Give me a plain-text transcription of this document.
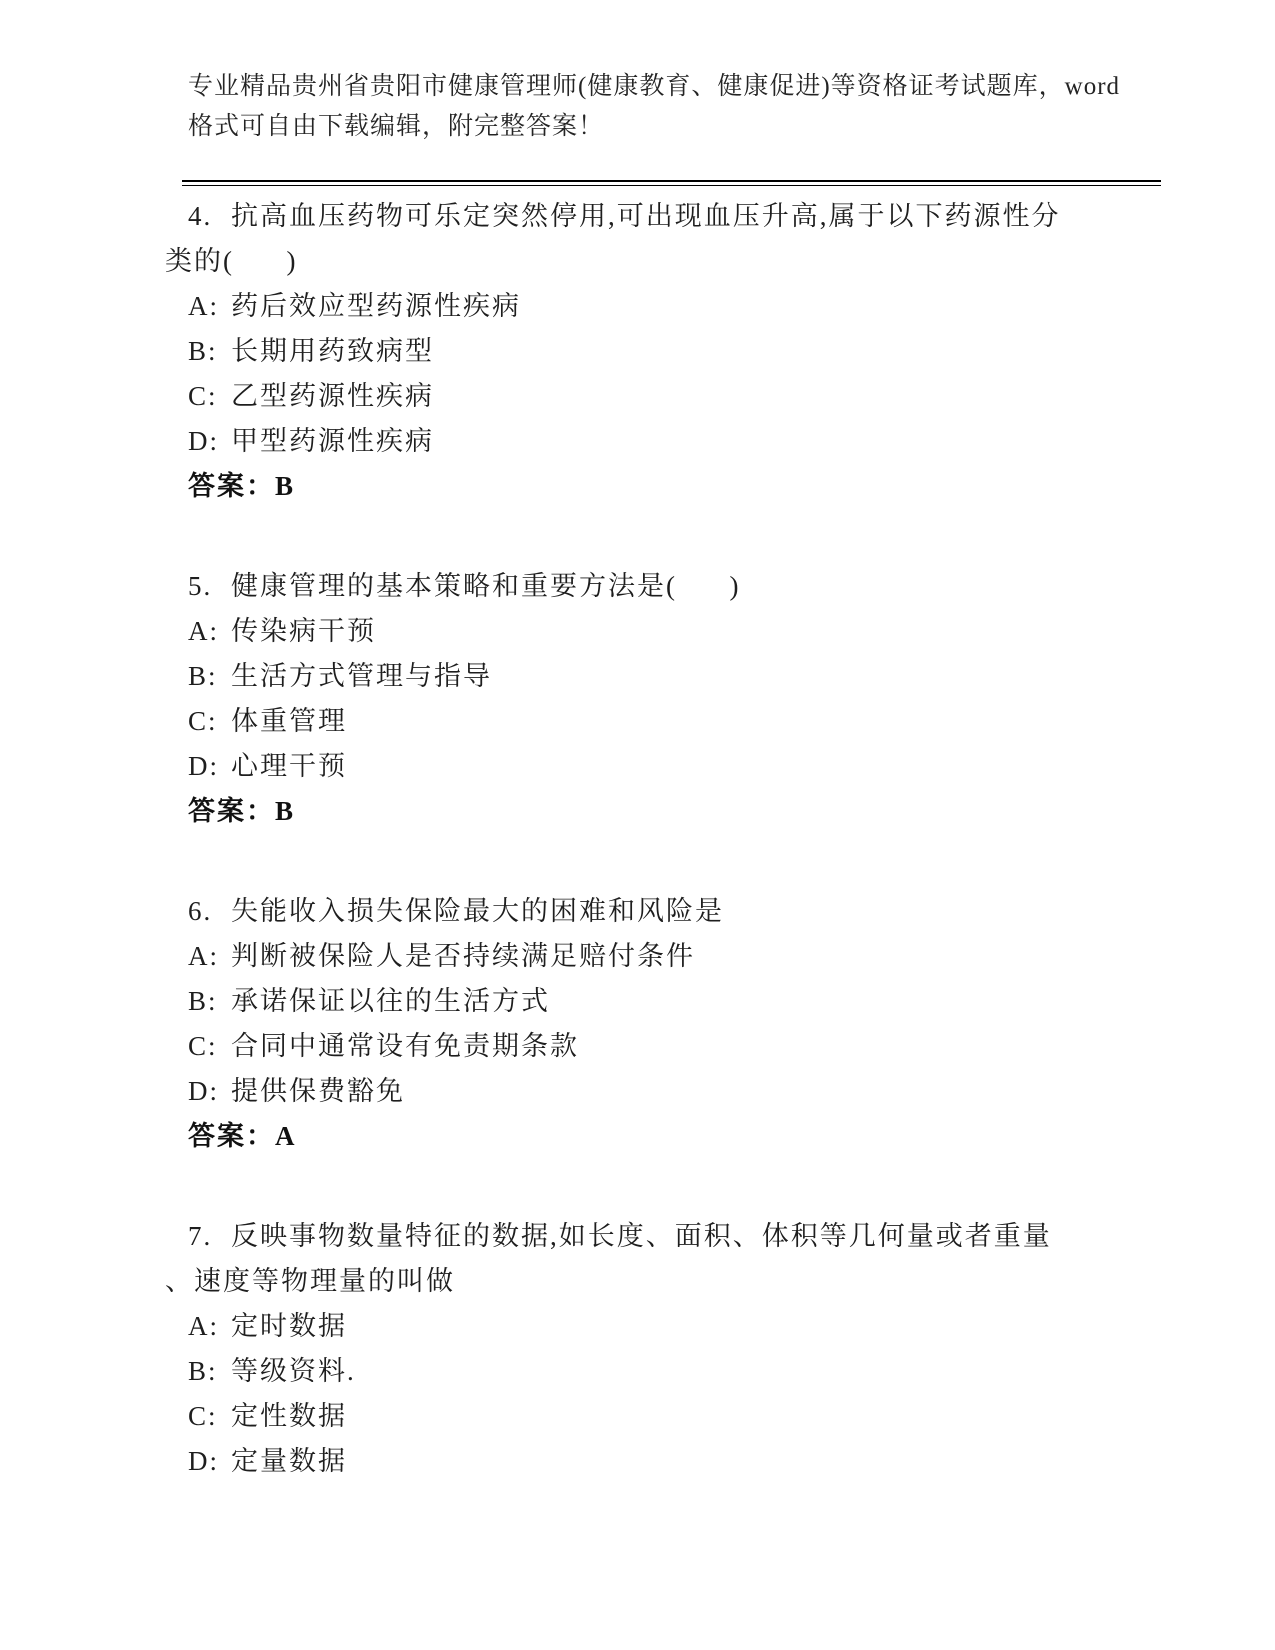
专业精品贵州省贵阳市健康管理师(健康教育、健康促进)等资格证考试题库，word
格式可自由下载编辑，附完整答案！
4. 抗高血压药物可乐定突然停用,可出现血压升高,属于以下药源性分
类的(      )
A: 药后效应型药源性疾病
B: 长期用药致病型
C: 乙型药源性疾病
D: 甲型药源性疾病
答案：B
5. 健康管理的基本策略和重要方法是(      )
A: 传染病干预
B: 生活方式管理与指导
C: 体重管理
D: 心理干预
答案：B
6. 失能收入损失保险最大的困难和风险是
A: 判断被保险人是否持续满足赔付条件
B: 承诺保证以往的生活方式
C: 合同中通常设有免责期条款
D: 提供保费豁免
答案：A
7. 反映事物数量特征的数据,如长度、面积、体积等几何量或者重量
、速度等物理量的叫做
A: 定时数据
B: 等级资料.
C: 定性数据
D: 定量数据
